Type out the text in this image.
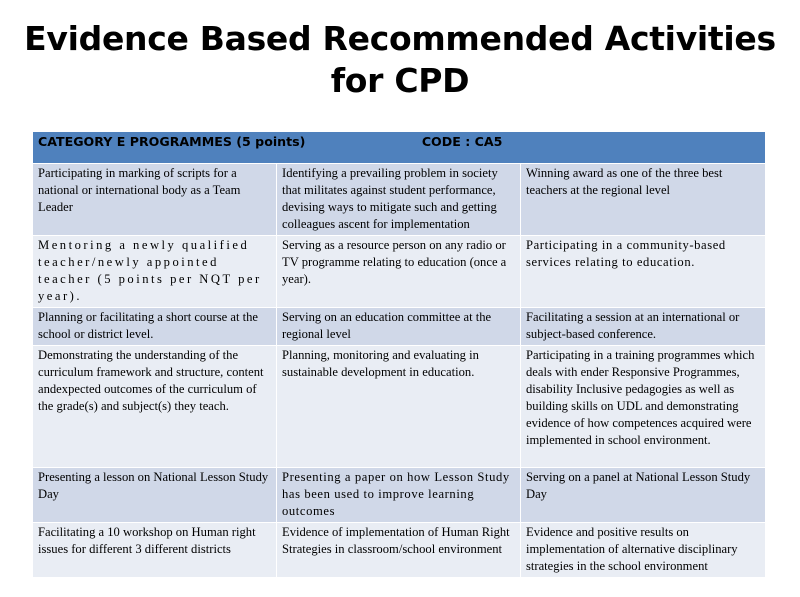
Evidence Based Recommended Activities
for CPD
CATEGORY E PROGRAMMES (5 points) CODE : CA5		
Participating in marking of scripts for a national or international body as a Team Leader	Identifying a prevailing problem in society that militates against student performance, devising ways to mitigate such and getting colleagues ascent for implementation	Winning award as one of the three best teachers at the regional level
Mentoring a newly qualified teacher/newly appointed teacher (5 points per NQT per year).	Serving as a resource person on any radio or TV programme relating to education (once a year).	Participating in a community-based services relating to education.
Planning or facilitating a short course at the school or district level.	Serving on an education committee at the regional level	Facilitating a session at an international or subject-based conference.
Demonstrating the understanding of the curriculum framework and structure, content andexpected outcomes of the curriculum of the grade(s) and subject(s) they teach.	Planning, monitoring and evaluating in sustainable development in education.	Participating in a training programmes which deals with ender Responsive Programmes, disability Inclusive pedagogies as well as building skills on UDL and demonstrating evidence of how competences acquired were implemented in school environment.
Presenting a lesson on National Lesson Study Day	Presenting a paper on how Lesson Study has been used to improve learning outcomes	Serving on a panel at National Lesson Study Day
Facilitating a 10 workshop on Human right issues for different 3 different districts	Evidence of implementation of Human Right Strategies in classroom/school environment	Evidence and positive results on implementation of alternative disciplinary strategies in the school environment
